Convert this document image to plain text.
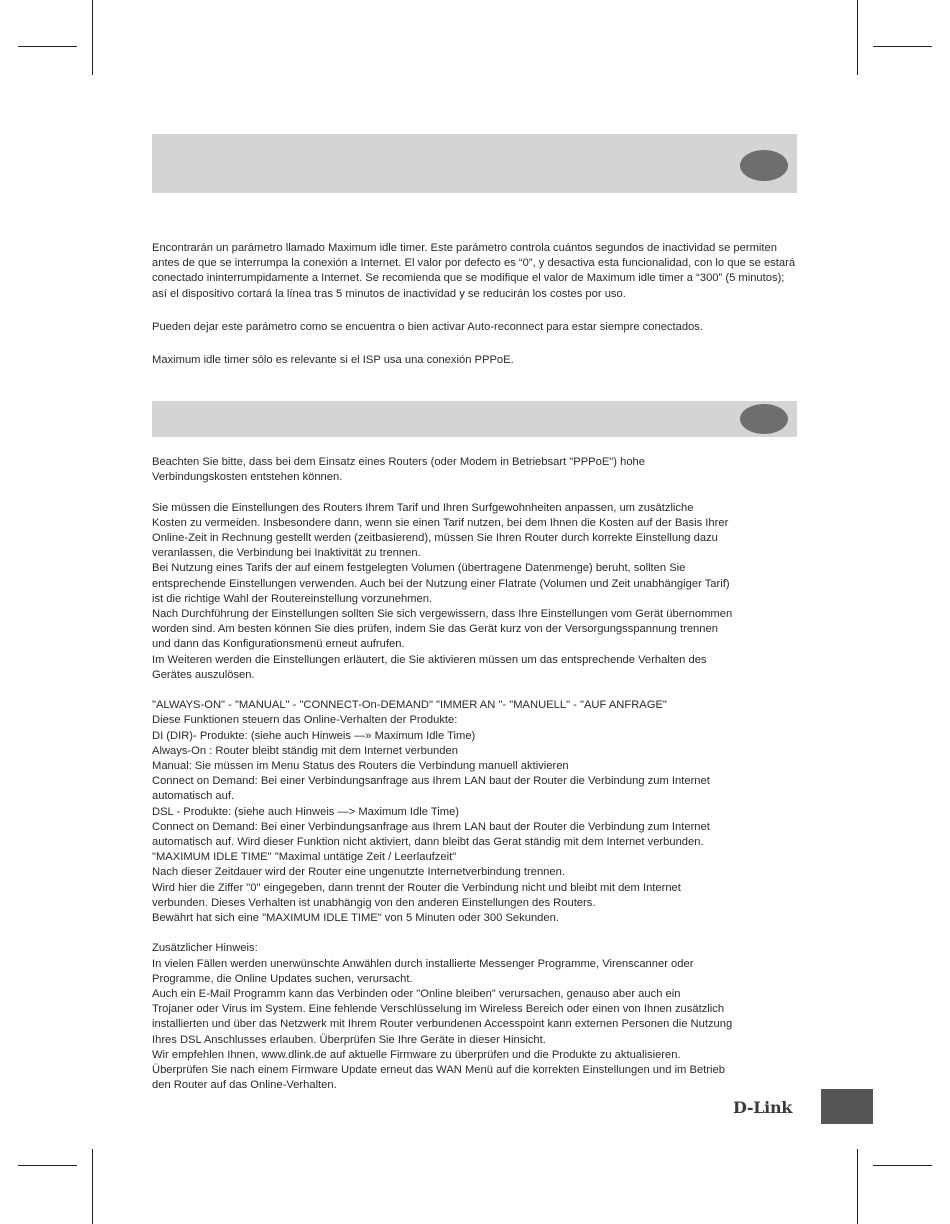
Encontrarán un parámetro llamado Maximum idle timer. Este parámetro controla cuántos segundos de inactividad se permiten antes de que se interrumpa la conexión a Internet. El valor por defecto es “0”, y desactiva esta funcionalidad, con lo que se estará conectado ininterrumpidamente a Internet. Se recomienda que se modifique el valor de Maximum idle timer a “300” (5 minutos); así el dispositivo cortará la línea tras 5 minutos de inactividad y se reducirán los costes por uso.

Pueden dejar este parámetro como se encuentra o bien activar Auto-reconnect para estar siempre conectados.

Maximum idle timer sólo es relevante si el ISP usa una conexión PPPoE.

Beachten Sie bitte, dass bei dem Einsatz eines Routers (oder Modem in Betriebsart "PPPoE") hohe

Verbindungskosten entstehen können.

Sie müssen die Einstellungen des Routers Ihrem Tarif und Ihren Surfgewohnheiten anpassen, um zusätzliche

Kosten zu vermeiden. Insbesondere dann, wenn sie einen Tarif nutzen, bei dem Ihnen die Kosten auf der Basis Ihrer

Online-Zeit in Rechnung gestellt werden (zeitbasierend), müssen Sie Ihren Router durch korrekte Einstellung dazu

veranlassen, die Verbindung bei Inaktivität zu trennen.

Bei Nutzung eines Tarifs der auf einem festgelegten Volumen (übertragene Datenmenge) beruht, sollten Sie

entsprechende Einstellungen verwenden. Auch bei der Nutzung einer Flatrate (Volumen und Zeit unabhängiger Tarif)

ist die richtige Wahl der Routereinstellung vorzunehmen.

Nach Durchführung der Einstellungen sollten Sie sich vergewissern, dass Ihre Einstellungen vom Gerät übernommen

worden sind. Am besten können Sie dies prüfen, indem Sie das Gerät kurz von der Versorgungsspannung trennen

und dann das Konfigurationsmenü erneut aufrufen.

Im Weiteren werden die Einstellungen erläutert, die Sie aktivieren müssen um das entsprechende Verhalten des

Gerätes auszulösen.

"ALWAYS-ON" - "MANUAL" - "CONNECT-On-DEMAND" "IMMER AN "- "MANUELL" - "AUF ANFRAGE"

Diese Funktionen steuern das Online-Verhalten der Produkte:

DI (DIR)- Produkte: (siehe auch Hinweis —» Maximum Idle Time)

Always-On : Router bleibt ständig mit dem Internet verbunden

Manual: Sie müssen im Menu Status des Routers die Verbindung manuell aktivieren

Connect on Demand: Bei einer Verbindungsanfrage aus Ihrem LAN baut der Router die Verbindung zum Internet

automatisch auf.

DSL - Produkte: (siehe auch Hinweis —> Maximum Idle Time)

Connect on Demand: Bei einer Verbindungsanfrage aus Ihrem LAN baut der Router die Verbindung zum Internet

automatisch auf. Wird dieser Funktion nicht aktiviert, dann bleibt das Gerat ständig mit dem Internet verbunden.

"MAXIMUM IDLE TIME" "Maximal untätige Zeit / Leerlaufzeit"

Nach dieser Zeitdauer wird der Router eine ungenutzte Internetverbindung trennen.

Wird hier die Ziffer "0" eingegeben, dann trennt der Router die Verbindung nicht und bleibt mit dem Internet

verbunden. Dieses Verhalten ist unabhängig von den anderen Einstellungen des Routers.

Bewährt hat sich eine "MAXIMUM IDLE TIME" von 5 Minuten oder 300 Sekunden.

Zusätzlicher Hinweis:

In vielen Fällen werden unerwünschte Anwählen durch installierte Messenger Programme, Virenscanner oder

Programme, die Online Updates suchen, verursacht.

Auch ein E-Mail Programm kann das Verbinden oder "Online bleiben" verursachen, genauso aber auch ein

Trojaner oder Virus im System. Eine fehlende Verschlüsselung im Wireless Bereich oder einen von Ihnen zusätzlich

installierten und über das Netzwerk mit Ihrem Router verbundenen Accesspoint kann externen Personen die Nutzung

Ihres DSL Anschlusses erlauben. Überprüfen Sie Ihre Geräte in dieser Hinsicht.

Wir empfehlen Ihnen, www.dlink.de auf aktuelle Firmware zu überprüfen und die Produkte zu aktualisieren.

Überprüfen Sie nach einem Firmware Update erneut das WAN Menü auf die korrekten Einstellungen und im Betrieb

den Router auf das Online-Verhalten.

D-Link
